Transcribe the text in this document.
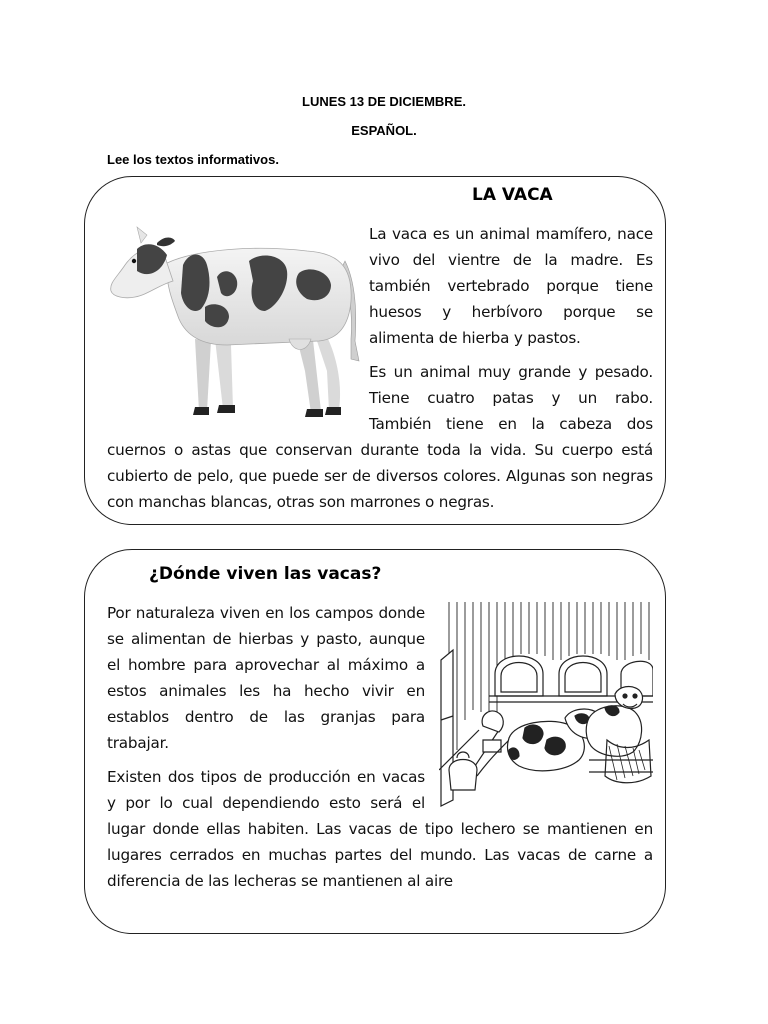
LUNES 13 DE DICIEMBRE.
ESPAÑOL.
Lee los textos informativos.
LA VACA

La vaca es un animal mamífero, nace vivo del vientre de la madre. Es también vertebrado porque tiene huesos y herbívoro porque se alimenta de hierba y pastos.

Es un animal muy grande y pesado. Tiene cuatro patas y un rabo. También tiene en la cabeza dos cuernos o astas que conservan durante toda la vida. Su cuerpo está cubierto de pelo, que puede ser de diversos colores. Algunas son negras con manchas blancas, otras son marrones o negras.

¿Dónde viven las vacas?

Por naturaleza viven en los campos donde se alimentan de hierbas y pasto, aunque el hombre para aprovechar al máximo a estos animales les ha hecho vivir en establos dentro de las granjas para trabajar.

Existen dos tipos de producción en vacas y por lo cual dependiendo esto será el lugar donde ellas habiten. Las vacas de tipo lechero se mantienen en lugares cerrados en muchas partes del mundo. Las vacas de carne a diferencia de las lecheras se mantienen al aire
